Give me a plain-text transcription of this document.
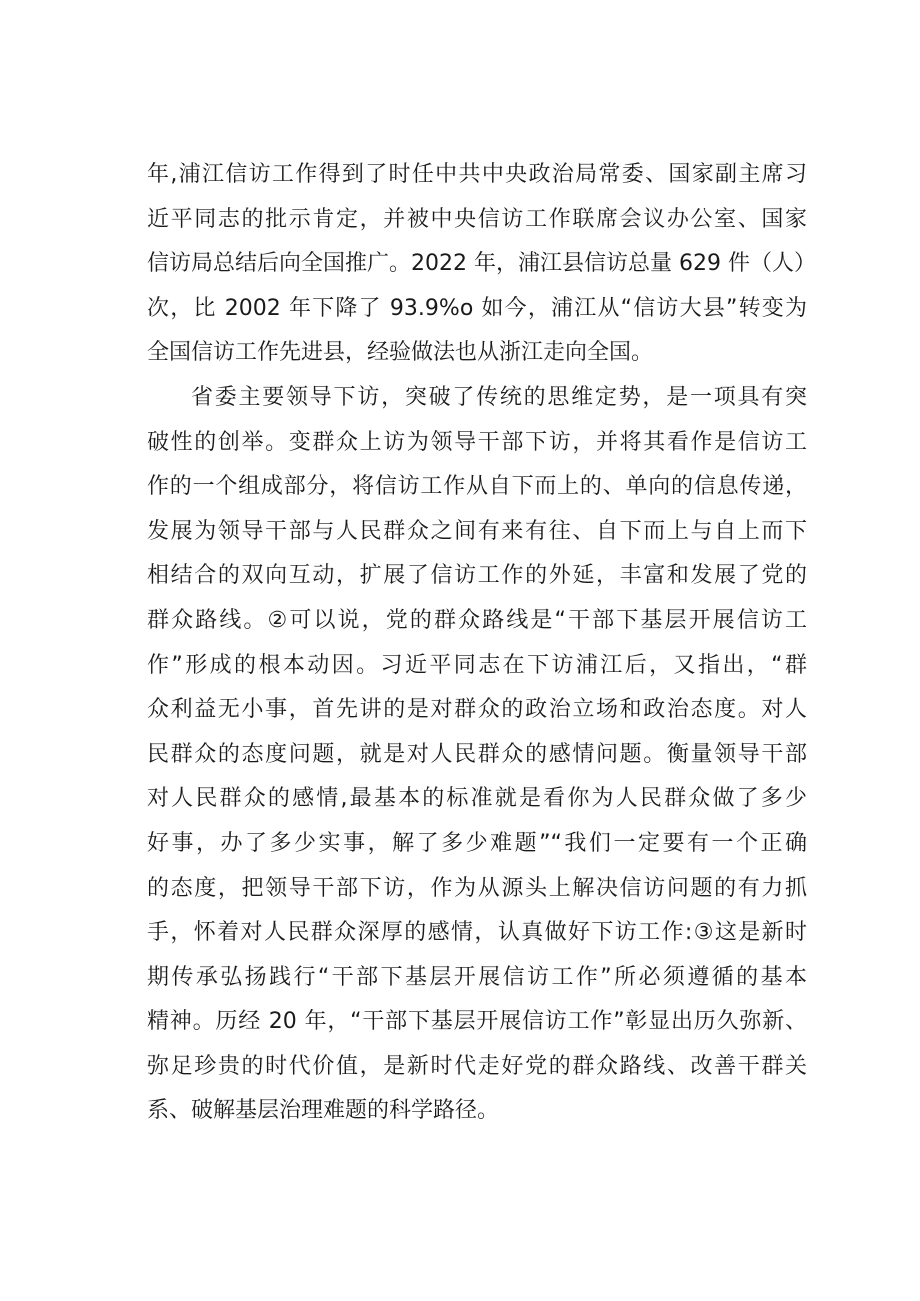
年,浦江信访工作得到了时任中共中央政治局常委、国家副主席习
近平同志的批示肯定，并被中央信访工作联席会议办公室、国家
信访局总结后向全国推广。2022 年，浦江县信访总量 629 件（人）
次，比 2002 年下降了 93.9%o 如今，浦江从“信访大县”转变为
全国信访工作先进县，经验做法也从浙江走向全国。
省委主要领导下访，突破了传统的思维定势，是一项具有突
破性的创举。变群众上访为领导干部下访，并将其看作是信访工
作的一个组成部分，将信访工作从自下而上的、单向的信息传递，
发展为领导干部与人民群众之间有来有往、自下而上与自上而下
相结合的双向互动，扩展了信访工作的外延，丰富和发展了党的
群众路线。②可以说，党的群众路线是“干部下基层开展信访工
作”形成的根本动因。习近平同志在下访浦江后，又指出，“群
众利益无小事，首先讲的是对群众的政治立场和政治态度。对人
民群众的态度问题，就是对人民群众的感情问题。衡量领导干部
对人民群众的感情,最基本的标准就是看你为人民群众做了多少
好事，办了多少实事，解了多少难题”“我们一定要有一个正确
的态度，把领导干部下访，作为从源头上解决信访问题的有力抓
手，怀着对人民群众深厚的感情，认真做好下访工作:③这是新时
期传承弘扬践行“干部下基层开展信访工作”所必须遵循的基本
精神。历经 20 年，“干部下基层开展信访工作”彰显出历久弥新、
弥足珍贵的时代价值，是新时代走好党的群众路线、改善干群关
系、破解基层治理难题的科学路径。
